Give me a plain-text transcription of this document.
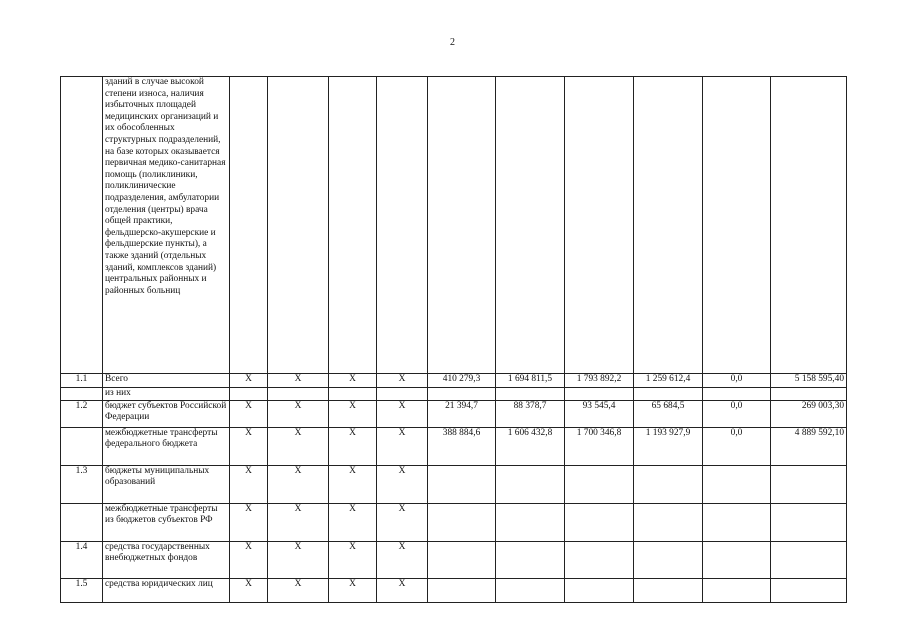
2
	зданий в случае высокой степени износа, наличия избыточных площадей медицинских организаций и их обособленных структурных подразделений, на базе которых оказывается первичная медико-санитарная помощь (поликлиники, поликлинические подразделения, амбулатории отделения (центры) врача общей практики, фельдшерско-акушерские и фельдшерские пункты), а также зданий (отдельных зданий, комплексов зданий) центральных районных и районных больниц										
1.1	Всего	X	X	X	X	410 279,3	1 694 811,5	1 793 892,2	1 259 612,4	0,0	5 158 595,40
	из них										
1.2	бюджет субъектов Российской Федерации	X	X	X	X	21 394,7	88 378,7	93 545,4	65 684,5	0,0	269 003,30
	межбюджетные трансферты федерального бюджета	X	X	X	X	388 884,6	1 606 432,8	1 700 346,8	1 193 927,9	0,0	4 889 592,10
1.3	бюджеты муниципальных образований	X	X	X	X						
	межбюджетные трансферты из бюджетов субъектов РФ	X	X	X	X						
1.4	средства государственных внебюджетных фондов	X	X	X	X						
1.5	средства юридических лиц	X	X	X	X						
